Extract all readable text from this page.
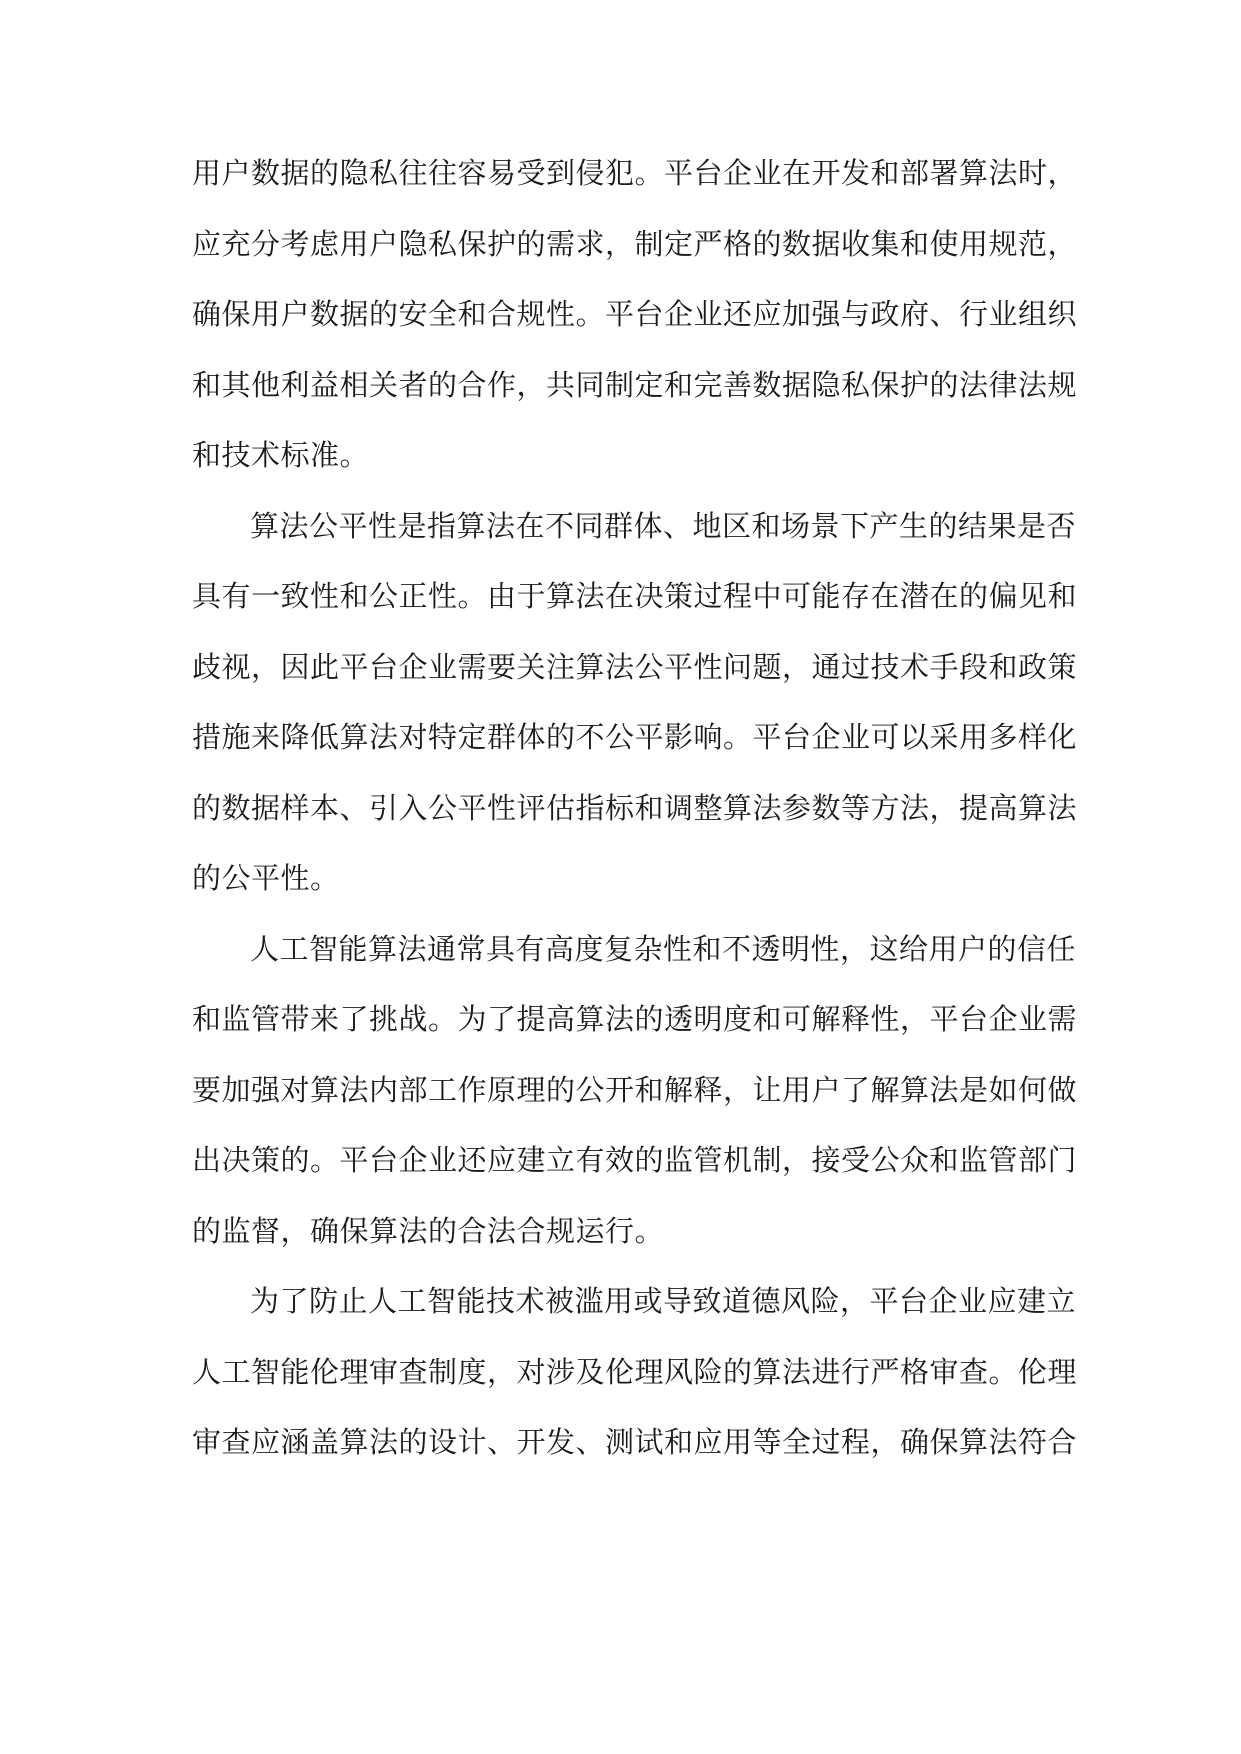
用户数据的隐私往往容易受到侵犯。平台企业在开发和部署算法时，
应充分考虑用户隐私保护的需求，制定严格的数据收集和使用规范，
确保用户数据的安全和合规性。平台企业还应加强与政府、行业组织
和其他利益相关者的合作，共同制定和完善数据隐私保护的法律法规
和技术标准。
算法公平性是指算法在不同群体、地区和场景下产生的结果是否
具有一致性和公正性。由于算法在决策过程中可能存在潜在的偏见和
歧视，因此平台企业需要关注算法公平性问题，通过技术手段和政策
措施来降低算法对特定群体的不公平影响。平台企业可以采用多样化
的数据样本、引入公平性评估指标和调整算法参数等方法，提高算法
的公平性。
人工智能算法通常具有高度复杂性和不透明性，这给用户的信任
和监管带来了挑战。为了提高算法的透明度和可解释性，平台企业需
要加强对算法内部工作原理的公开和解释，让用户了解算法是如何做
出决策的。平台企业还应建立有效的监管机制，接受公众和监管部门
的监督，确保算法的合法合规运行。
为了防止人工智能技术被滥用或导致道德风险，平台企业应建立
人工智能伦理审查制度，对涉及伦理风险的算法进行严格审查。伦理
审查应涵盖算法的设计、开发、测试和应用等全过程，确保算法符合
